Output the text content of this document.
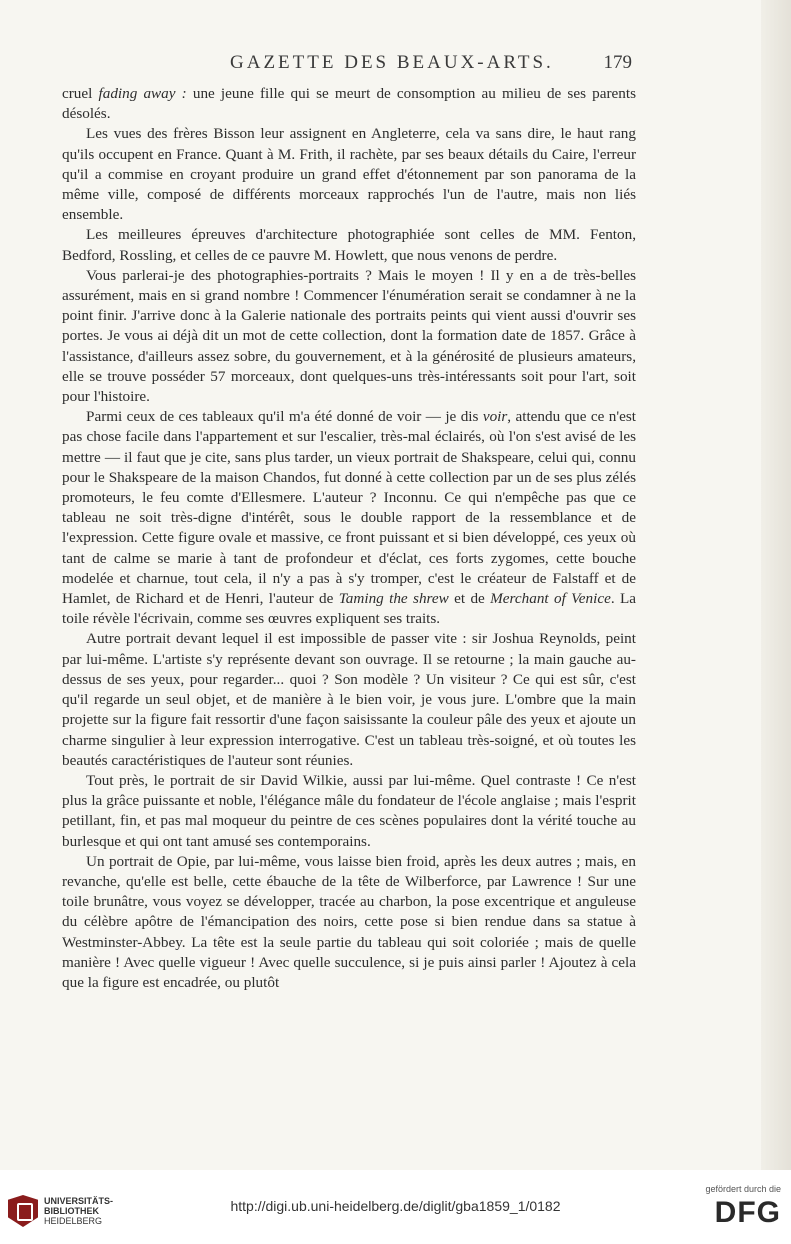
GAZETTE DES BEAUX-ARTS.	179

cruel fading away : une jeune fille qui se meurt de consomption au milieu de ses parents désolés.

Les vues des frères Bisson leur assignent en Angleterre, cela va sans dire, le haut rang qu'ils occupent en France. Quant à M. Frith, il rachète, par ses beaux détails du Caire, l'erreur qu'il a commise en croyant produire un grand effet d'étonnement par son panorama de la même ville, composé de différents morceaux rapprochés l'un de l'autre, mais non liés ensemble.

Les meilleures épreuves d'architecture photographiée sont celles de MM. Fenton, Bedford, Rossling, et celles de ce pauvre M. Howlett, que nous venons de perdre.

Vous parlerai-je des photographies-portraits ? Mais le moyen ! Il y en a de très-belles assurément, mais en si grand nombre ! Commencer l'énumération serait se condamner à ne la point finir. J'arrive donc à la Galerie nationale des portraits peints qui vient aussi d'ouvrir ses portes. Je vous ai déjà dit un mot de cette collection, dont la formation date de 1857. Grâce à l'assistance, d'ailleurs assez sobre, du gouvernement, et à la générosité de plusieurs amateurs, elle se trouve posséder 57 morceaux, dont quelques-uns très-intéressants soit pour l'art, soit pour l'histoire.

Parmi ceux de ces tableaux qu'il m'a été donné de voir — je dis voir, attendu que ce n'est pas chose facile dans l'appartement et sur l'escalier, très-mal éclairés, où l'on s'est avisé de les mettre — il faut que je cite, sans plus tarder, un vieux portrait de Shakspeare, celui qui, connu pour le Shakspeare de la maison Chandos, fut donné à cette collection par un de ses plus zélés promoteurs, le feu comte d'Ellesmere. L'auteur ? Inconnu. Ce qui n'empêche pas que ce tableau ne soit très-digne d'intérêt, sous le double rapport de la ressemblance et de l'expression. Cette figure ovale et massive, ce front puissant et si bien développé, ces yeux où tant de calme se marie à tant de profondeur et d'éclat, ces forts zygomes, cette bouche modelée et charnue, tout cela, il n'y a pas à s'y tromper, c'est le créateur de Falstaff et de Hamlet, de Richard et de Henri, l'auteur de Taming the shrew et de Merchant of Venice. La toile révèle l'écrivain, comme ses œuvres expliquent ses traits.

Autre portrait devant lequel il est impossible de passer vite : sir Joshua Reynolds, peint par lui-même. L'artiste s'y représente devant son ouvrage. Il se retourne ; la main gauche au-dessus de ses yeux, pour regarder... quoi ? Son modèle ? Un visiteur ? Ce qui est sûr, c'est qu'il regarde un seul objet, et de manière à le bien voir, je vous jure. L'ombre que la main projette sur la figure fait ressortir d'une façon saisissante la couleur pâle des yeux et ajoute un charme singulier à leur expression interrogative. C'est un tableau très-soigné, et où toutes les beautés caractéristiques de l'auteur sont réunies.

Tout près, le portrait de sir David Wilkie, aussi par lui-même. Quel contraste ! Ce n'est plus la grâce puissante et noble, l'élégance mâle du fondateur de l'école anglaise ; mais l'esprit petillant, fin, et pas mal moqueur du peintre de ces scènes populaires dont la vérité touche au burlesque et qui ont tant amusé ses contemporains.

Un portrait de Opie, par lui-même, vous laisse bien froid, après les deux autres ; mais, en revanche, qu'elle est belle, cette ébauche de la tête de Wilberforce, par Lawrence ! Sur une toile brunâtre, vous voyez se développer, tracée au charbon, la pose excentrique et anguleuse du célèbre apôtre de l'émancipation des noirs, cette pose si bien rendue dans sa statue à Westminster-Abbey. La tête est la seule partie du tableau qui soit coloriée ; mais de quelle manière ! Avec quelle vigueur ! Avec quelle succulence, si je puis ainsi parler ! Ajoutez à cela que la figure est encadrée, ou plutôt

UNIVERSITÄTS-
BIBLIOTHEK
HEIDELBERG
http://digi.ub.uni-heidelberg.de/diglit/gba1859_1/0182
gefördert durch die
DFG
